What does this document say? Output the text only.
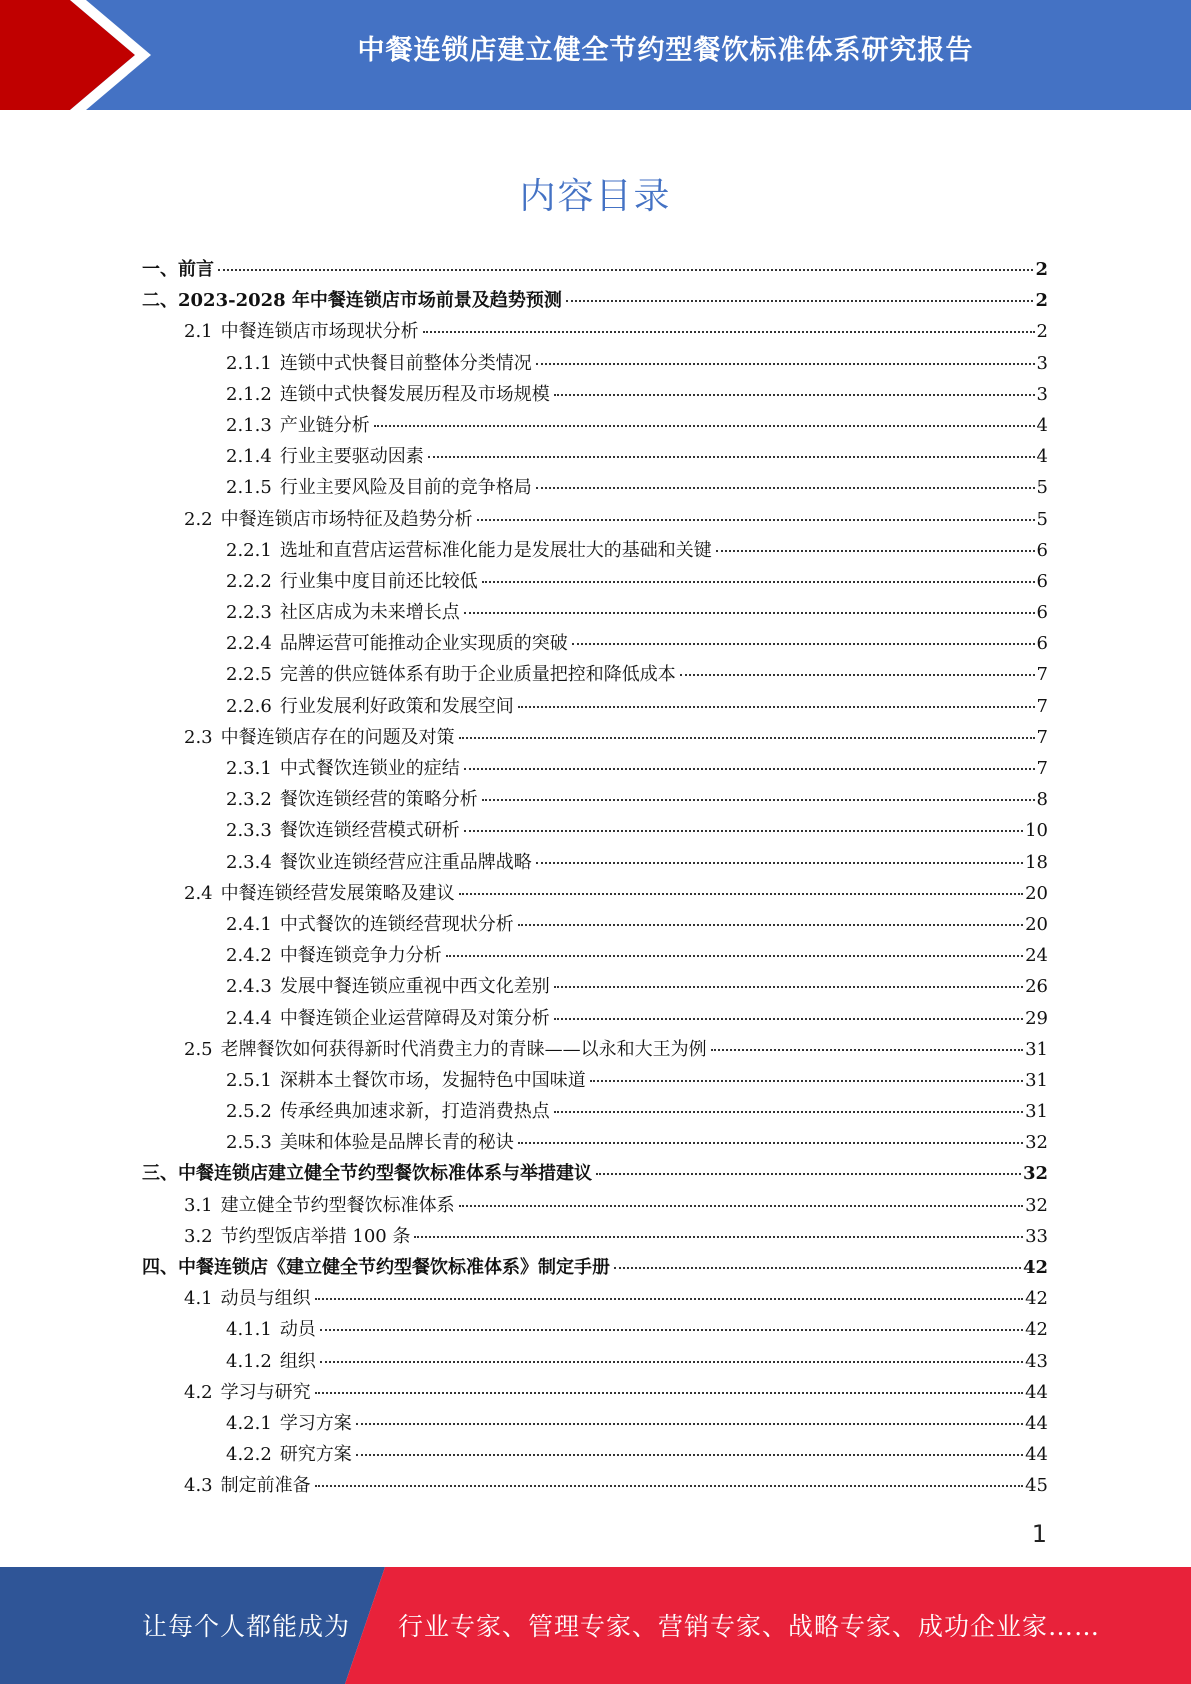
中餐连锁店建立健全节约型餐饮标准体系研究报告
内容目录
一、 前言	2
二、 2023-2028 年中餐连锁店市场前景及趋势预测	2
2.1 中餐连锁店市场现状分析	2
2.1.1 连锁中式快餐目前整体分类情况	3
2.1.2 连锁中式快餐发展历程及市场规模	3
2.1.3 产业链分析	4
2.1.4 行业主要驱动因素	4
2.1.5 行业主要风险及目前的竞争格局	5
2.2 中餐连锁店市场特征及趋势分析	5
2.2.1 选址和直营店运营标准化能力是发展壮大的基础和关键	6
2.2.2 行业集中度目前还比较低	6
2.2.3 社区店成为未来增长点	6
2.2.4 品牌运营可能推动企业实现质的突破	6
2.2.5 完善的供应链体系有助于企业质量把控和降低成本	7
2.2.6 行业发展利好政策和发展空间	7
2.3 中餐连锁店存在的问题及对策	7
2.3.1 中式餐饮连锁业的症结	7
2.3.2 餐饮连锁经营的策略分析	8
2.3.3 餐饮连锁经营模式研析	10
2.3.4 餐饮业连锁经营应注重品牌战略	18
2.4 中餐连锁经营发展策略及建议	20
2.4.1 中式餐饮的连锁经营现状分析	20
2.4.2 中餐连锁竞争力分析	24
2.4.3 发展中餐连锁应重视中西文化差别	26
2.4.4 中餐连锁企业运营障碍及对策分析	29
2.5 老牌餐饮如何获得新时代消费主力的青睐——以永和大王为例	31
2.5.1 深耕本土餐饮市场，发掘特色中国味道	31
2.5.2 传承经典加速求新，打造消费热点	31
2.5.3 美味和体验是品牌长青的秘诀	32
三、 中餐连锁店建立健全节约型餐饮标准体系与举措建议	32
3.1 建立健全节约型餐饮标准体系	32
3.2 节约型饭店举措 100 条	33
四、 中餐连锁店《建立健全节约型餐饮标准体系》制定手册	42
4.1 动员与组织	42
4.1.1 动员	42
4.1.2 组织	43
4.2 学习与研究	44
4.2.1 学习方案	44
4.2.2 研究方案	44
4.3 制定前准备	45
1
让每个人都能成为 行业专家、管理专家、营销专家、战略专家、成功企业家……
